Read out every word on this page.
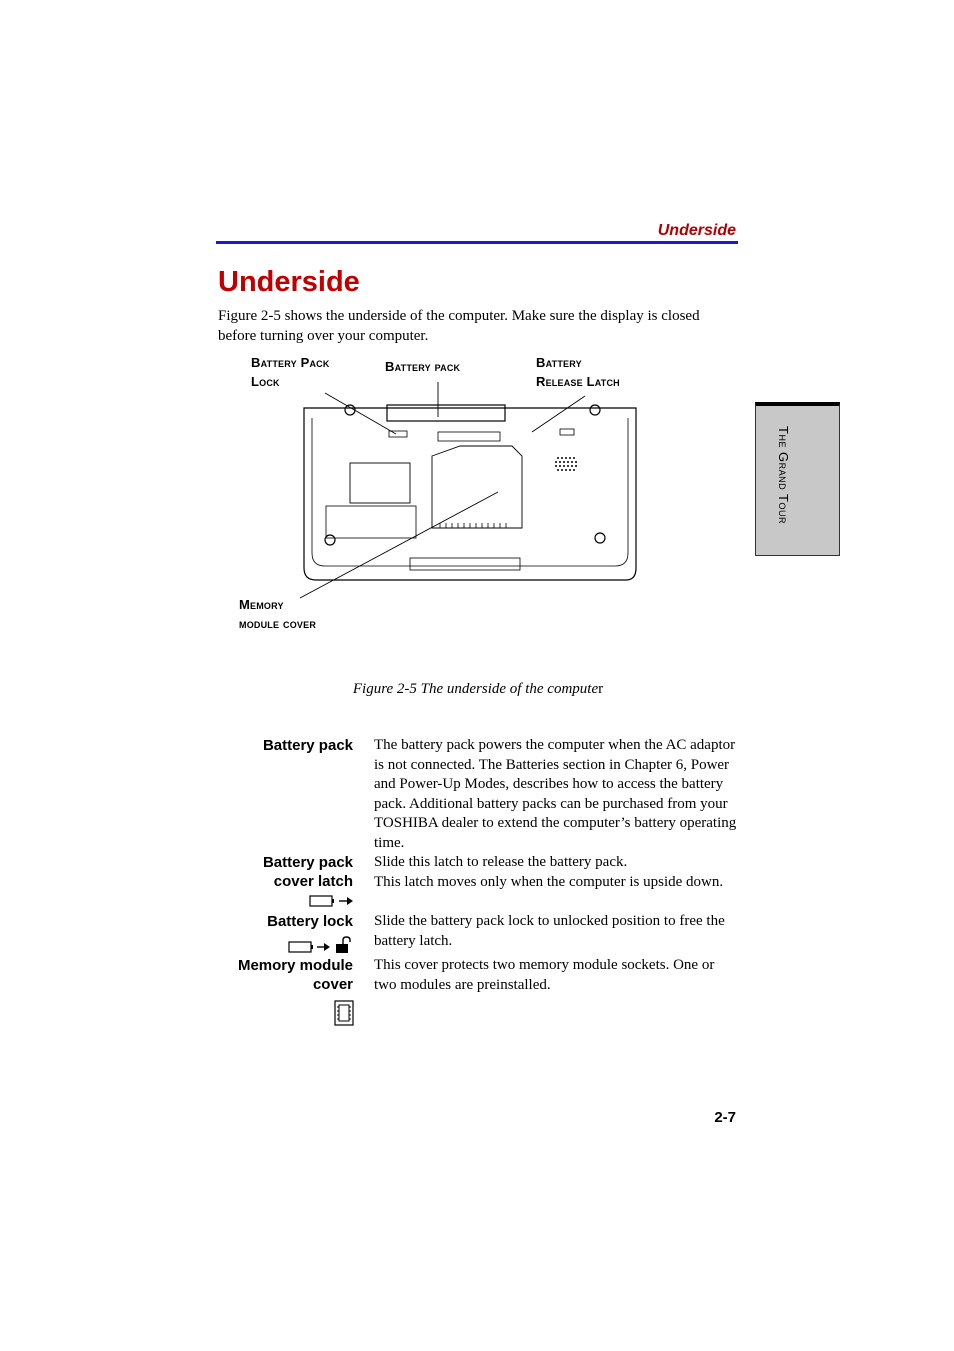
Underside
Underside
Figure 2-5 shows the underside of the computer. Make sure the display is closed before turning over your computer.
Battery Pack
Lock
Battery pack	Battery
Release Latch
Memory
module cover
Figure 2-5 The underside of the computer
Battery pack The battery pack powers the computer when the AC adaptor is not connected. The Batteries section in Chapter 6, Power and Power-Up Modes, describes how to access the battery pack. Additional battery packs can be purchased from your TOSHIBA dealer to extend the computer’s battery operating time.
Battery pack
cover latch
Slide this latch to release the battery pack.
This latch moves only when the computer is upside down.
Battery lock Slide the battery pack lock to unlocked position to free the battery latch.
Memory module
cover
This cover protects two memory module sockets. One or two modules are preinstalled.
The Grand Tour
2-7
